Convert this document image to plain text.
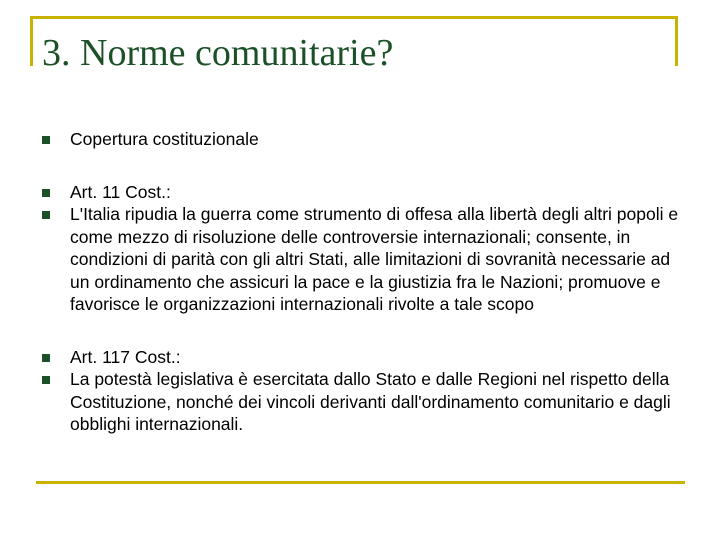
3. Norme comunitarie?
Copertura costituzionale
Art. 11 Cost.:
L'Italia ripudia la guerra come strumento di offesa alla libertà degli altri popoli e come mezzo di risoluzione delle controversie internazionali; consente, in condizioni di parità con gli altri Stati, alle limitazioni di sovranità necessarie ad un ordinamento che assicuri la pace e la giustizia fra le Nazioni; promuove e favorisce le organizzazioni internazionali rivolte a tale scopo
Art. 117 Cost.:
La potestà legislativa è esercitata dallo Stato e dalle Regioni nel rispetto della Costituzione, nonché dei vincoli derivanti dall'ordinamento comunitario e dagli obblighi internazionali.
